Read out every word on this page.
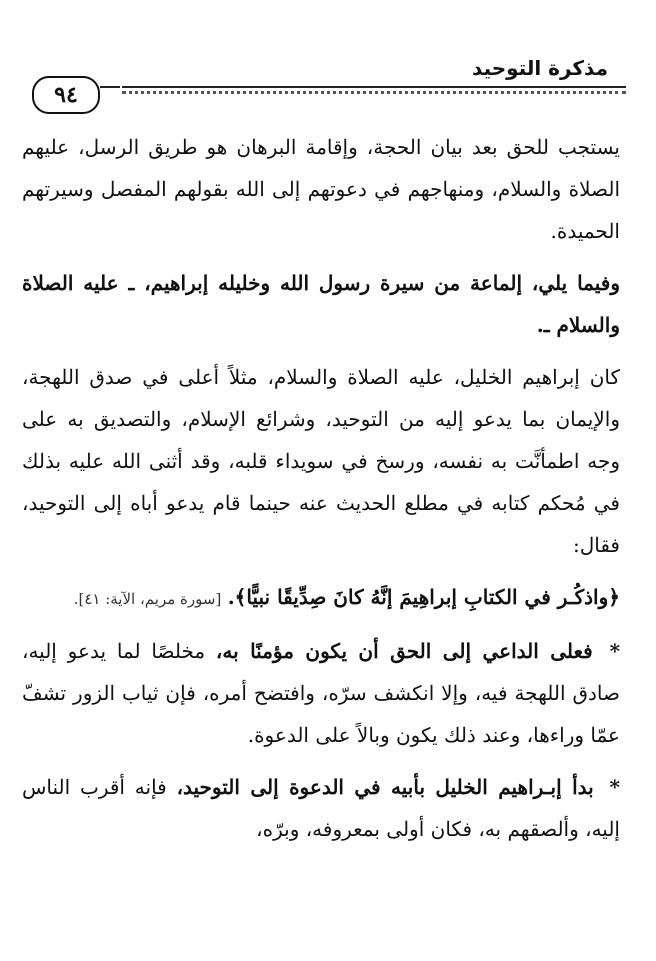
مذكرة التوحيد
٩٤

يستجب للحق بعد بيان الحجة، وإقامة البرهان هو طريق الرسل، عليهم الصلاة والسلام، ومنهاجهم في دعوتهم إلى الله بقولهم المفصل وسيرتهم الحميدة.

وفيما يلي، إلماعة من سيرة رسول الله وخليله إبراهيم، ـ عليه الصلاة والسلام ـ.

كان إبراهيم الخليل، عليه الصلاة والسلام، مثلاً أعلى في صدق اللهجة، والإيمان بما يدعو إليه من التوحيد، وشرائع الإسلام، والتصديق به على وجه اطمأنَّت به نفسه، ورسخ في سويداء قلبه، وقد أثنى الله عليه بذلك في مُحكم كتابه في مطلع الحديث عنه حينما قام يدعو أباه إلى التوحيد، فقال:

﴿واذكُـر في الكتابِ إبراهِيمَ إنَّهُ كانَ صِدِّيقًا نبيًّا﴾. [سورة مريم، الآية: ٤١].

* فعلى الداعي إلى الحق أن يكون مؤمنًا به، مخلصًا لما يدعو إليه، صادق اللهجة فيه، وإلا انكشف سرّه، وافتضح أمره، فإن ثياب الزور تشفّ عمّا وراءها، وعند ذلك يكون وبالاً على الدعوة.

* بدأ إبـراهيم الخليل بأبيه في الدعوة إلى التوحيد، فإنه أقرب الناس إليه، وألصقهم به، فكان أولى بمعروفه، وبرّه،
